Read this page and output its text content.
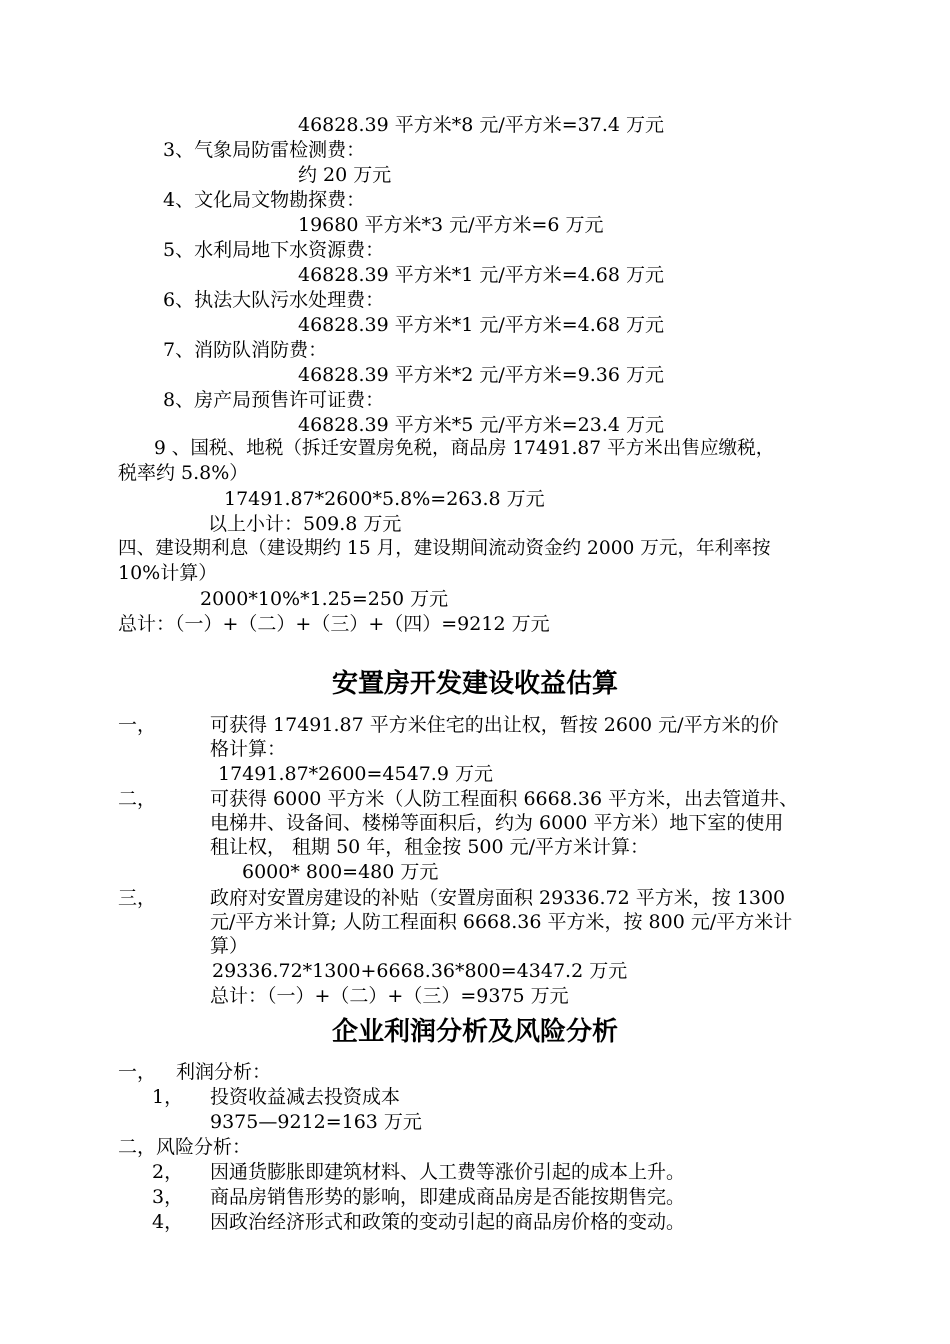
46828.39 平方米*8 元/平方米=37.4 万元
3、气象局防雷检测费：
约 20 万元
4、文化局文物勘探费：
19680 平方米*3 元/平方米=6 万元
5、水利局地下水资源费：
46828.39 平方米*1 元/平方米=4.68 万元
6、执法大队污水处理费：
46828.39 平方米*1 元/平方米=4.68 万元
7、消防队消防费：
46828.39 平方米*2 元/平方米=9.36 万元
8、房产局预售许可证费：
46828.39 平方米*5 元/平方米=23.4 万元
9 、国税、地税（拆迁安置房免税，商品房 17491.87 平方米出售应缴税，
税率约 5.8%）
17491.87*2600*5.8%=263.8 万元
以上小计：509.8 万元
四、建设期利息（建设期约 15 月，建设期间流动资金约 2000 万元，年利率按
10%计算）
2000*10%*1.25=250 万元
总计：（一）+（二）+（三）+（四）=9212 万元
安置房开发建设收益估算
一，	可获得 17491.87 平方米住宅的出让权，暂按 2600 元/平方米的价
格计算：
17491.87*2600=4547.9 万元
二，	可获得 6000 平方米（人防工程面积 6668.36 平方米，出去管道井、
电梯井、设备间、楼梯等面积后，约为 6000 平方米）地下室的使用
租让权， 租期 50 年，租金按 500 元/平方米计算：
6000* 800=480 万元
三，	政府对安置房建设的补贴（安置房面积 29336.72 平方米，按 1300
元/平方米计算; 人防工程面积 6668.36 平方米，按 800 元/平方米计
算）
29336.72*1300+6668.36*800=4347.2 万元
总计：（一）+（二）+（三）=9375 万元
企业利润分析及风险分析
一， 利润分析：
1， 投资收益减去投资成本
9375—9212=163 万元
二，风险分析：
2， 因通货膨胀即建筑材料、人工费等涨价引起的成本上升。
3， 商品房销售形势的影响，即建成商品房是否能按期售完。
4， 因政治经济形式和政策的变动引起的商品房价格的变动。
